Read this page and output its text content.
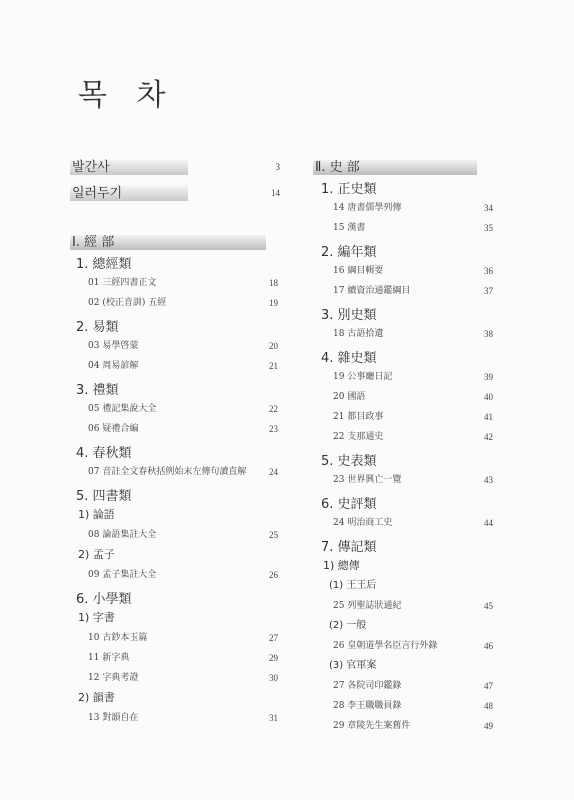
목 차
발간사	3
일러두기	14
Ⅰ. 經 部
1. 總經類
01 三經四書正文	18
02 (校正音訓) 五經	19
2. 易類
03 易學啓蒙	20
04 周易諺解	21
3. 禮類
05 禮記集說大全	22
06 疑禮合編	23
4. 春秋類
07 音註全文春秋括例始末左傳句讀直解	24
5. 四書類
1) 論語
08 論語集註大全	25
2) 孟子
09 孟子集註大全	26
6. 小學類
1) 字書
10 古鈔本玉篇	27
11 新字典	29
12 字典考證	30
2) 韻書
13 對韻自在	31
Ⅱ. 史 部
1. 正史類
14 唐書儒學列傳	34
15 漢書	35
2. 編年類
16 綱目輯要	36
17 續資治通鑑綱目	37
3. 別史類
18 古語拾遺	38
4. 雜史類
19 公事廳日記	39
20 國語	40
21 都目政事	41
22 支那通史	42
5. 史表類
23 世界興亡一覽	43
6. 史評類
24 明治商工史	44
7. 傳記類
1) 總傳
(1) 王王后
25 列聖誌狀通紀	45
(2) 一般
26 皇朝道學名臣言行外錄	46
(3) 官軍案
27 各院司印鑑錄	47
28 李王職職員錄	48
29 章陵先生案舊件	49
